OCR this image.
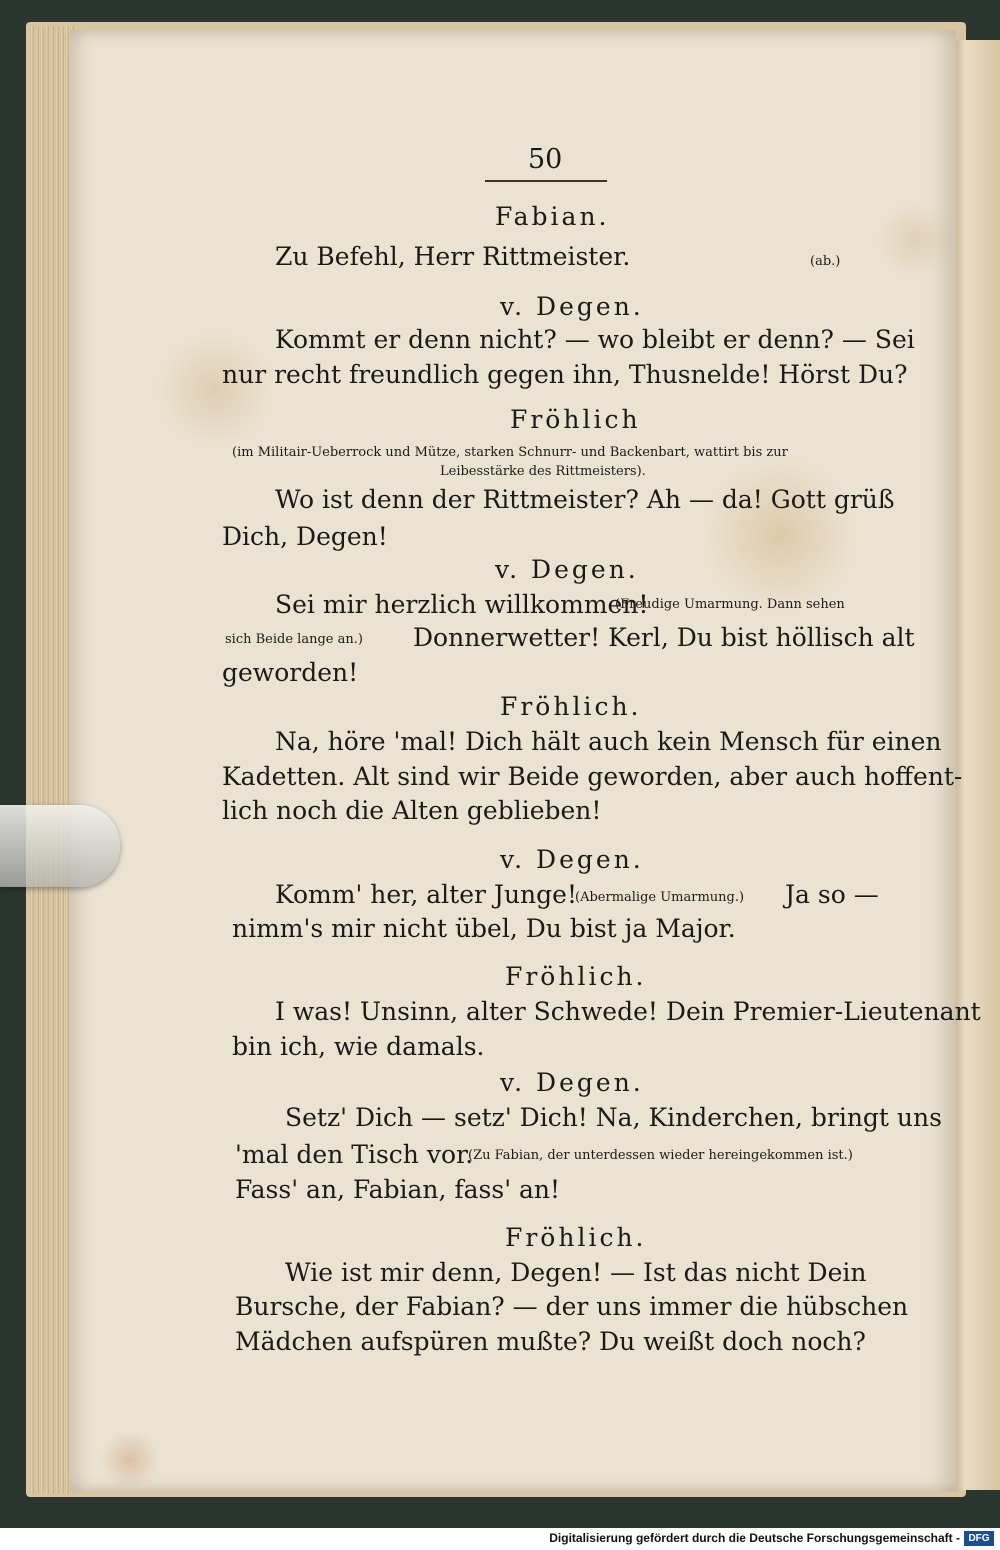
50
Fabian.
Zu Befehl, Herr Rittmeister.	(ab.)
v. Degen.
Kommt er denn nicht? — wo bleibt er denn? — Sei
nur recht freundlich gegen ihn, Thusnelde! Hörst Du?
Fröhlich
(im Militair-Ueberrock und Mütze, starken Schnurr- und Backenbart, wattirt bis zur
Leibesstärke des Rittmeisters).
Wo ist denn der Rittmeister? Ah — da! Gott grüß
Dich, Degen!
v. Degen.
Sei mir herzlich willkommen!
(Freudige Umarmung. Dann sehen
sich Beide lange an.) Donnerwetter! Kerl, Du bist höllisch alt
geworden!
Fröhlich.
Na, höre 'mal! Dich hält auch kein Mensch für einen
Kadetten. Alt sind wir Beide geworden, aber auch hoffent-
lich noch die Alten geblieben!
v. Degen.
Komm' her, alter Junge!
(Abermalige Umarmung.) Ja so —
nimm's mir nicht übel, Du bist ja Major.
Fröhlich.
I was! Unsinn, alter Schwede! Dein Premier-Lieutenant
bin ich, wie damals.
v. Degen.
Setz' Dich — setz' Dich! Na, Kinderchen, bringt uns
'mal den Tisch vor.
(Zu Fabian, der unterdessen wieder hereingekommen ist.)
Fass' an, Fabian, fass' an!
Fröhlich.
Wie ist mir denn, Degen! — Ist das nicht Dein
Bursche, der Fabian? — der uns immer die hübschen
Mädchen aufspüren mußte? Du weißt doch noch?
Digitalisierung gefördert durch die Deutsche Forschungsgemeinschaft - DFG
